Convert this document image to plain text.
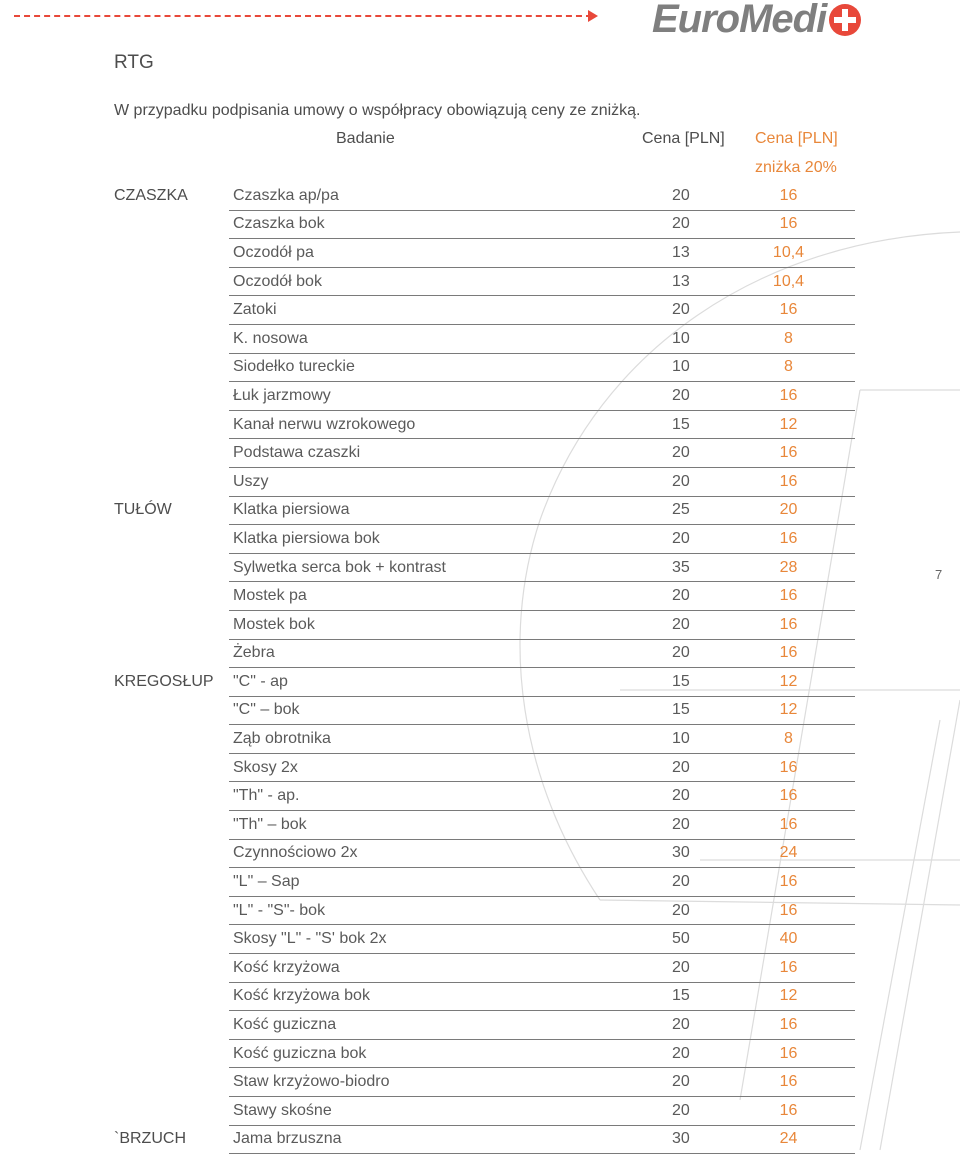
EuroMedi
RTG
W przypadku podpisania umowy o współpracy obowiązują ceny ze zniżką.
Badanie	Cena [PLN] Cena [PLN]
zniżka 20%
CZASZKA	Czaszka ap/pa	20	16
	Czaszka bok	20	16
	Oczodół pa	13	10,4
	Oczodół bok	13	10,4
	Zatoki	20	16
	K. nosowa	10	8
	Siodełko tureckie	10	8
	Łuk jarzmowy	20	16
	Kanał nerwu wzrokowego	15	12
	Podstawa czaszki	20	16
	Uszy	20	16
TUŁÓW	Klatka piersiowa	25	20
	Klatka piersiowa bok	20	16
	Sylwetka serca bok + kontrast	35	28
	Mostek pa	20	16
	Mostek bok	20	16
	Żebra	20	16
KREGOSŁUP	"C" - ap	15	12
	"C" – bok	15	12
	Ząb obrotnika	10	8
	Skosy 2x	20	16
	"Th" - ap.	20	16
	"Th" – bok	20	16
	Czynnościowo 2x	30	24
	"L" – Sap	20	16
	"L" - "S"- bok	20	16
	Skosy "L" - "S' bok 2x	50	40
	Kość krzyżowa	20	16
	Kość krzyżowa bok	15	12
	Kość guziczna	20	16
	Kość guziczna bok	20	16
	Staw krzyżowo-biodro	20	16
	Stawy skośne	20	16
`BRZUCH	Jama brzuszna	30	24
7
